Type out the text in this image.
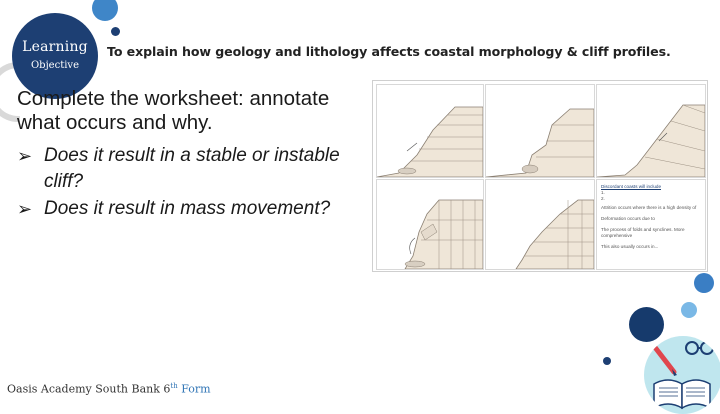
Learning
Objective
To explain how geology and lithology affects coastal morphology & cliff profiles.
Complete the worksheet: annotate what occurs and why.
➢ Does it result in a stable or instable cliff?
➢ Does it result in mass movement?
Discordant coasts will include
1.
2.
Attrition occurs where there is a high density of
Deformation occurs due to
The process of folds and synclines. More comprehensive
This also usually occurs in...
Oasis Academy South Bank 6th Form
